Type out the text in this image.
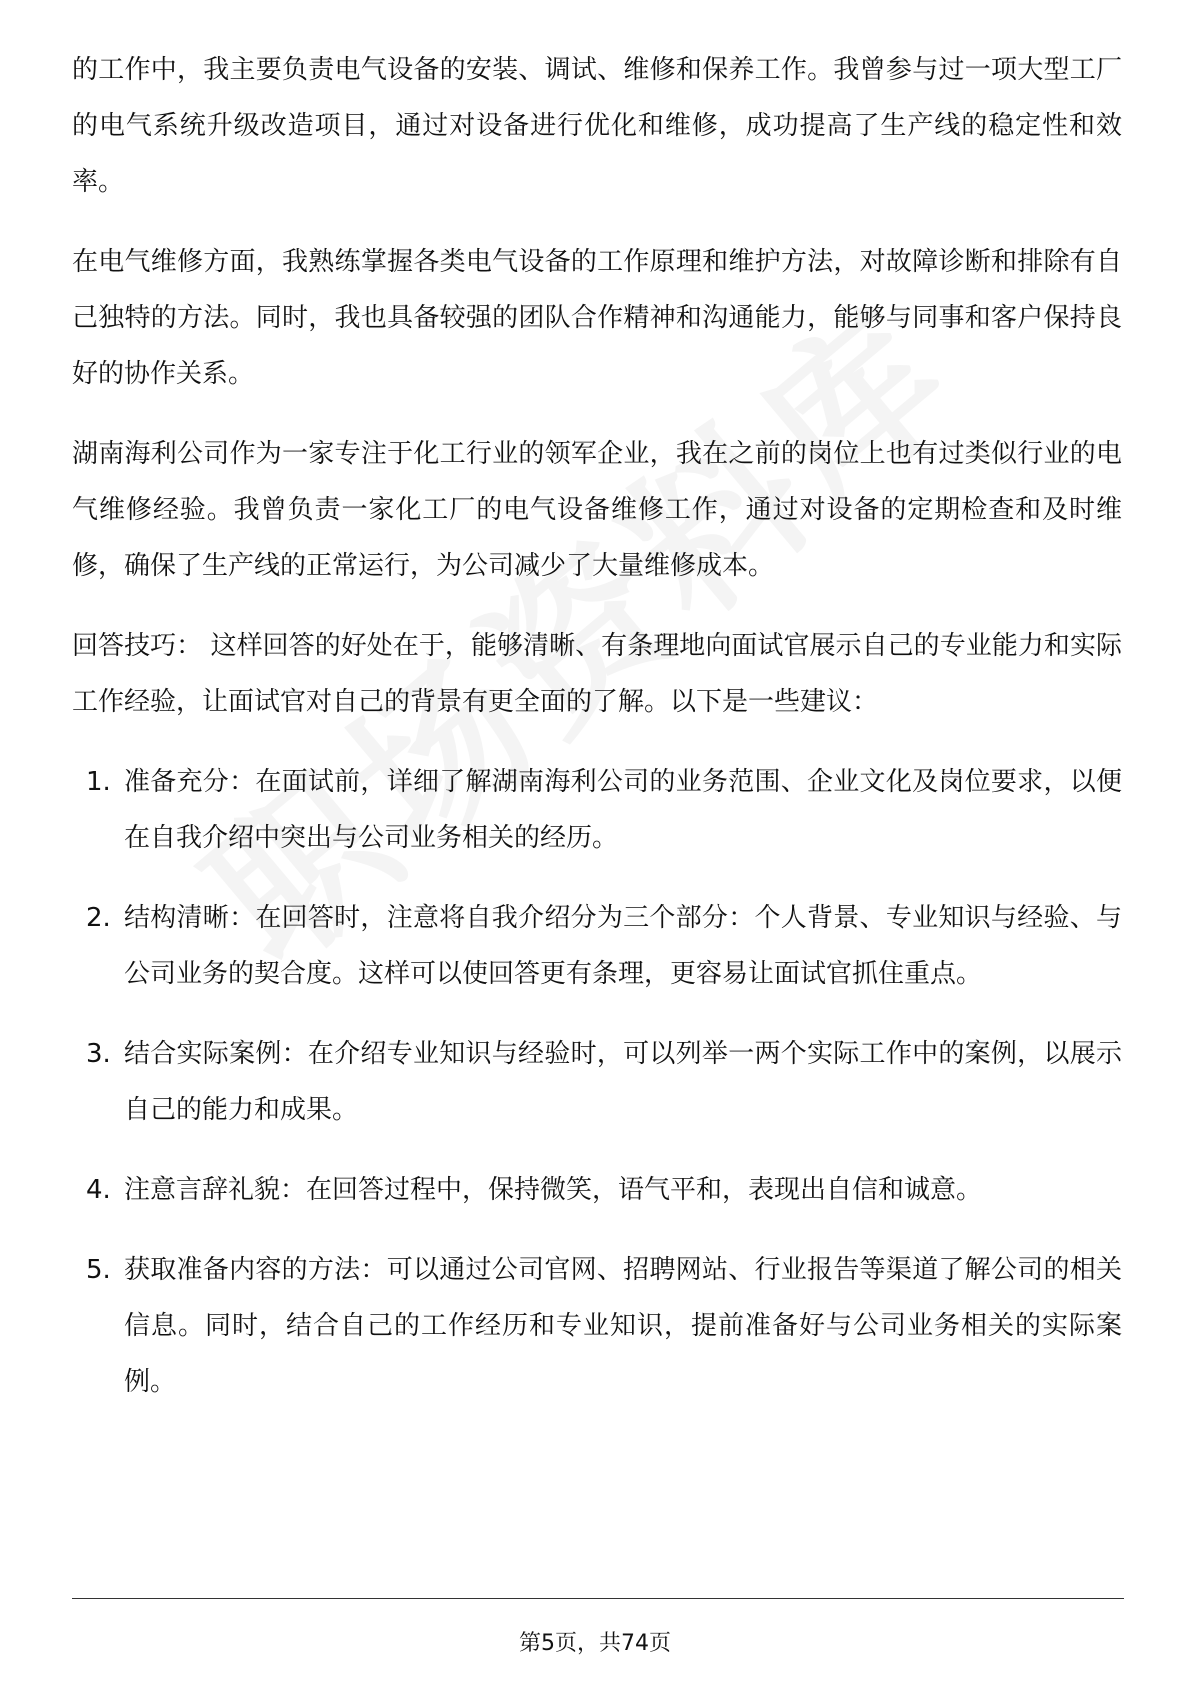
的工作中，我主要负责电气设备的安装、调试、维修和保养工作。我曾参与过一项大型工厂的电气系统升级改造项目，通过对设备进行优化和维修，成功提高了生产线的稳定性和效率。

在电气维修方面，我熟练掌握各类电气设备的工作原理和维护方法，对故障诊断和排除有自己独特的方法。同时，我也具备较强的团队合作精神和沟通能力，能够与同事和客户保持良好的协作关系。

湖南海利公司作为一家专注于化工行业的领军企业，我在之前的岗位上也有过类似行业的电气维修经验。我曾负责一家化工厂的电气设备维修工作，通过对设备的定期检查和及时维修，确保了生产线的正常运行，为公司减少了大量维修成本。

回答技巧： 这样回答的好处在于，能够清晰、有条理地向面试官展示自己的专业能力和实际工作经验，让面试官对自己的背景有更全面的了解。以下是一些建议：

1. 准备充分：在面试前，详细了解湖南海利公司的业务范围、企业文化及岗位要求，以便在自我介绍中突出与公司业务相关的经历。
2. 结构清晰：在回答时，注意将自我介绍分为三个部分：个人背景、专业知识与经验、与公司业务的契合度。这样可以使回答更有条理，更容易让面试官抓住重点。
3. 结合实际案例：在介绍专业知识与经验时，可以列举一两个实际工作中的案例，以展示自己的能力和成果。
4. 注意言辞礼貌：在回答过程中，保持微笑，语气平和，表现出自信和诚意。
5. 获取准备内容的方法：可以通过公司官网、招聘网站、行业报告等渠道了解公司的相关信息。同时，结合自己的工作经历和专业知识，提前准备好与公司业务相关的实际案例。
第5页，共74页
